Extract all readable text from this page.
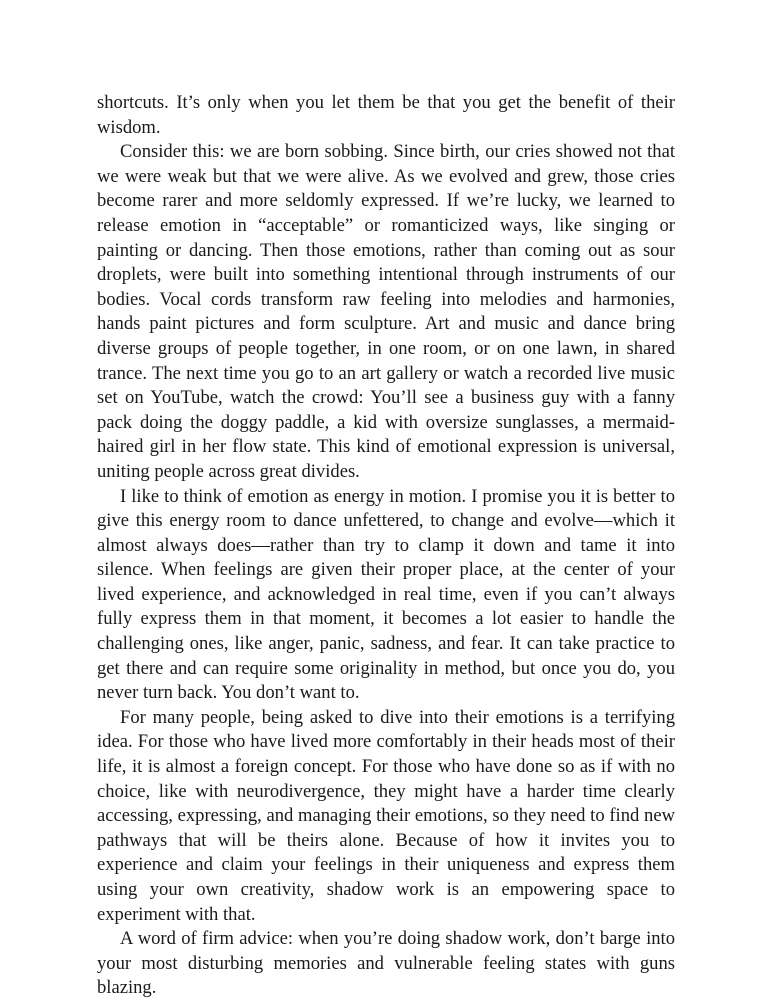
shortcuts. It’s only when you let them be that you get the benefit of their wisdom.

Consider this: we are born sobbing. Since birth, our cries showed not that we were weak but that we were alive. As we evolved and grew, those cries become rarer and more seldomly expressed. If we’re lucky, we learned to release emotion in “acceptable” or romanticized ways, like singing or painting or dancing. Then those emotions, rather than coming out as sour droplets, were built into something intentional through instruments of our bodies. Vocal cords transform raw feeling into melodies and harmonies, hands paint pictures and form sculpture. Art and music and dance bring diverse groups of people together, in one room, or on one lawn, in shared trance. The next time you go to an art gallery or watch a recorded live music set on YouTube, watch the crowd: You’ll see a business guy with a fanny pack doing the doggy paddle, a kid with oversize sunglasses, a mermaid-haired girl in her flow state. This kind of emotional expression is universal, uniting people across great divides.

I like to think of emotion as energy in motion. I promise you it is better to give this energy room to dance unfettered, to change and evolve—which it almost always does—rather than try to clamp it down and tame it into silence. When feelings are given their proper place, at the center of your lived experience, and acknowledged in real time, even if you can’t always fully express them in that moment, it becomes a lot easier to handle the challenging ones, like anger, panic, sadness, and fear. It can take practice to get there and can require some originality in method, but once you do, you never turn back. You don’t want to.

For many people, being asked to dive into their emotions is a terrifying idea. For those who have lived more comfortably in their heads most of their life, it is almost a foreign concept. For those who have done so as if with no choice, like with neurodivergence, they might have a harder time clearly accessing, expressing, and managing their emotions, so they need to find new pathways that will be theirs alone. Because of how it invites you to experience and claim your feelings in their uniqueness and express them using your own creativity, shadow work is an empowering space to experiment with that.

A word of firm advice: when you’re doing shadow work, don’t barge into your most disturbing memories and vulnerable feeling states with guns blazing.
